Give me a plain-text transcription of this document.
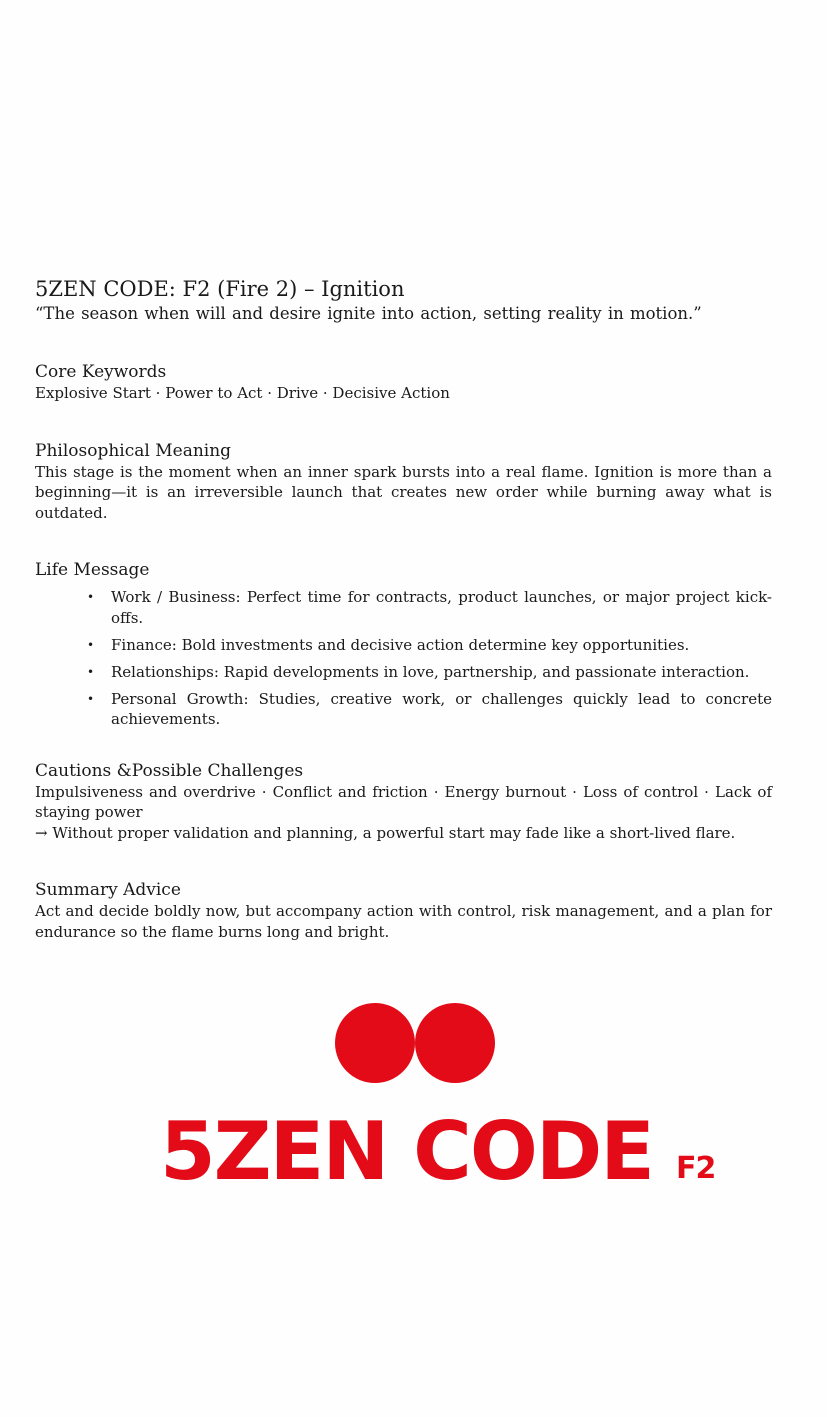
5ZEN CODE: F2 (Fire 2) – Ignition

“The season when will and desire ignite into action, setting reality in motion.”

Core Keywords

Explosive Start · Power to Act · Drive · Decisive Action

Philosophical Meaning

This stage is the moment when an inner spark bursts into a real flame. Ignition is more than a beginning—it is an irreversible launch that creates new order while burning away what is outdated.

Life Message
• Work / Business: Perfect time for contracts, product launches, or major project kick-offs.
• Finance: Bold investments and decisive action determine key opportunities.
• Relationships: Rapid developments in love, partnership, and passionate interaction.
• Personal Growth: Studies, creative work, or challenges quickly lead to concrete achievements.
Cautions &Possible Challenges

Impulsiveness and overdrive · Conflict and friction · Energy burnout · Loss of control · Lack of staying power

→ Without proper validation and planning, a powerful start may fade like a short-lived flare.

Summary Advice

Act and decide boldly now, but accompany action with control, risk management, and a plan for endurance so the flame burns long and bright.

5ZEN CODE F2
